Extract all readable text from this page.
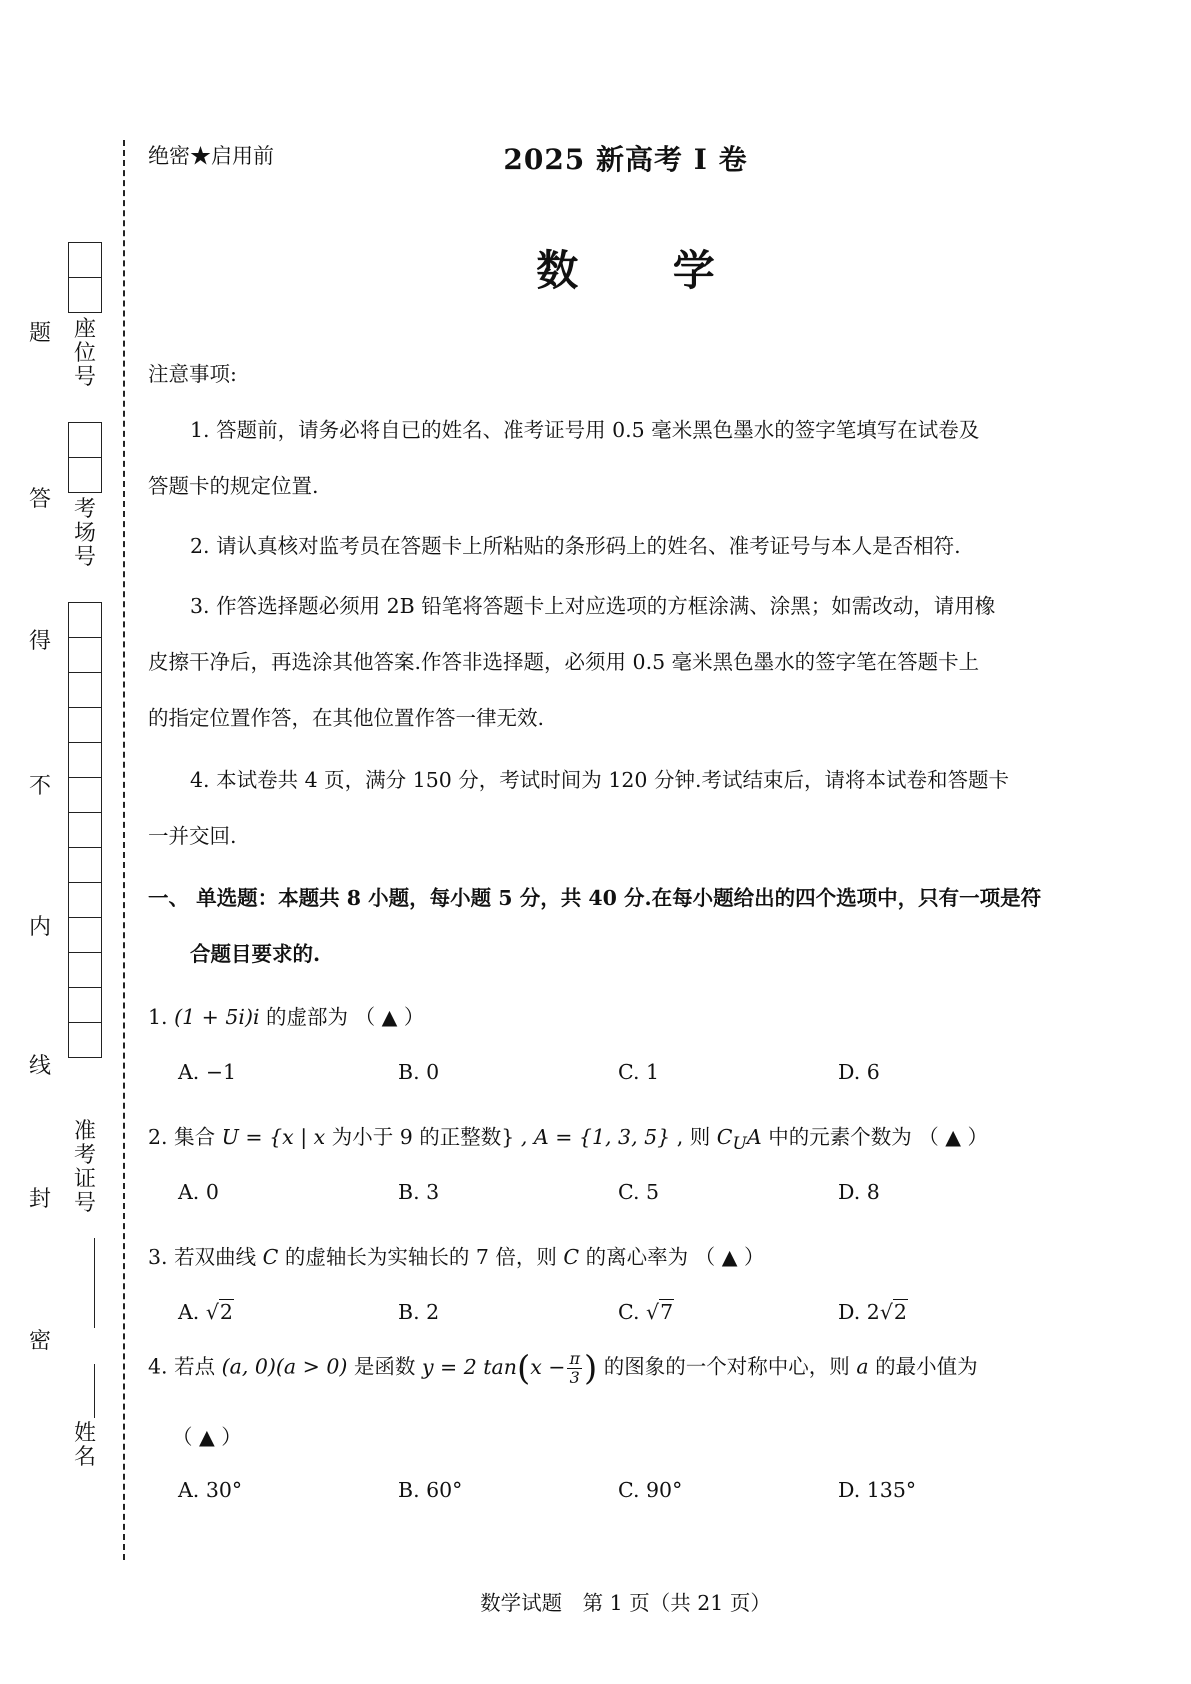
题
答
得
不
内
线
封
密
座位号
考场号
准考证号
姓名
绝密★启用前	2025 新高考 I 卷
数 学
注意事项:
1. 答题前，请务必将自已的姓名、准考证号用 0.5 毫米黑色墨水的签字笔填写在试卷及
答题卡的规定位置.
2. 请认真核对监考员在答题卡上所粘贴的条形码上的姓名、准考证号与本人是否相符.
3. 作答选择题必须用 2B 铅笔将答题卡上对应选项的方框涂满、涂黑；如需改动，请用橡
皮擦干净后，再选涂其他答案.作答非选择题，必须用 0.5 毫米黑色墨水的签字笔在答题卡上
的指定位置作答，在其他位置作答一律无效.
4. 本试卷共 4 页，满分 150 分，考试时间为 120 分钟.考试结束后，请将本试卷和答题卡
一并交回.
一、 单选题：本题共 8 小题，每小题 5 分，共 40 分.在每小题给出的四个选项中，只有一项是符
合题目要求的.
1. (1 + 5i)i 的虚部为 （ ▲ ）
A. −1	B. 0	C. 1	D. 6
2. 集合 U = {x | x 为小于 9 的正整数} , A = {1, 3, 5} , 则 $C_UA$ 中的元素个数为 （ ▲ ）
A. 0	B. 3	C. 5	D. 8
3. 若双曲线 C 的虚轴长为实轴长的 7 倍，则 C 的离心率为 （ ▲ ）
A. √2	B. 2	C. √7	D. 2√2
4. 若点 (a, 0)(a > 0) 是函数 y = 2 $\tan(x - \frac{\pi}{3}$ ) 的图象的一个对称中心，则 a 的最小值为
（ ▲ ）
A. 30°	B. 60°	C. 90°	D. 135°
数学试题　第 1 页（共 21 页）
